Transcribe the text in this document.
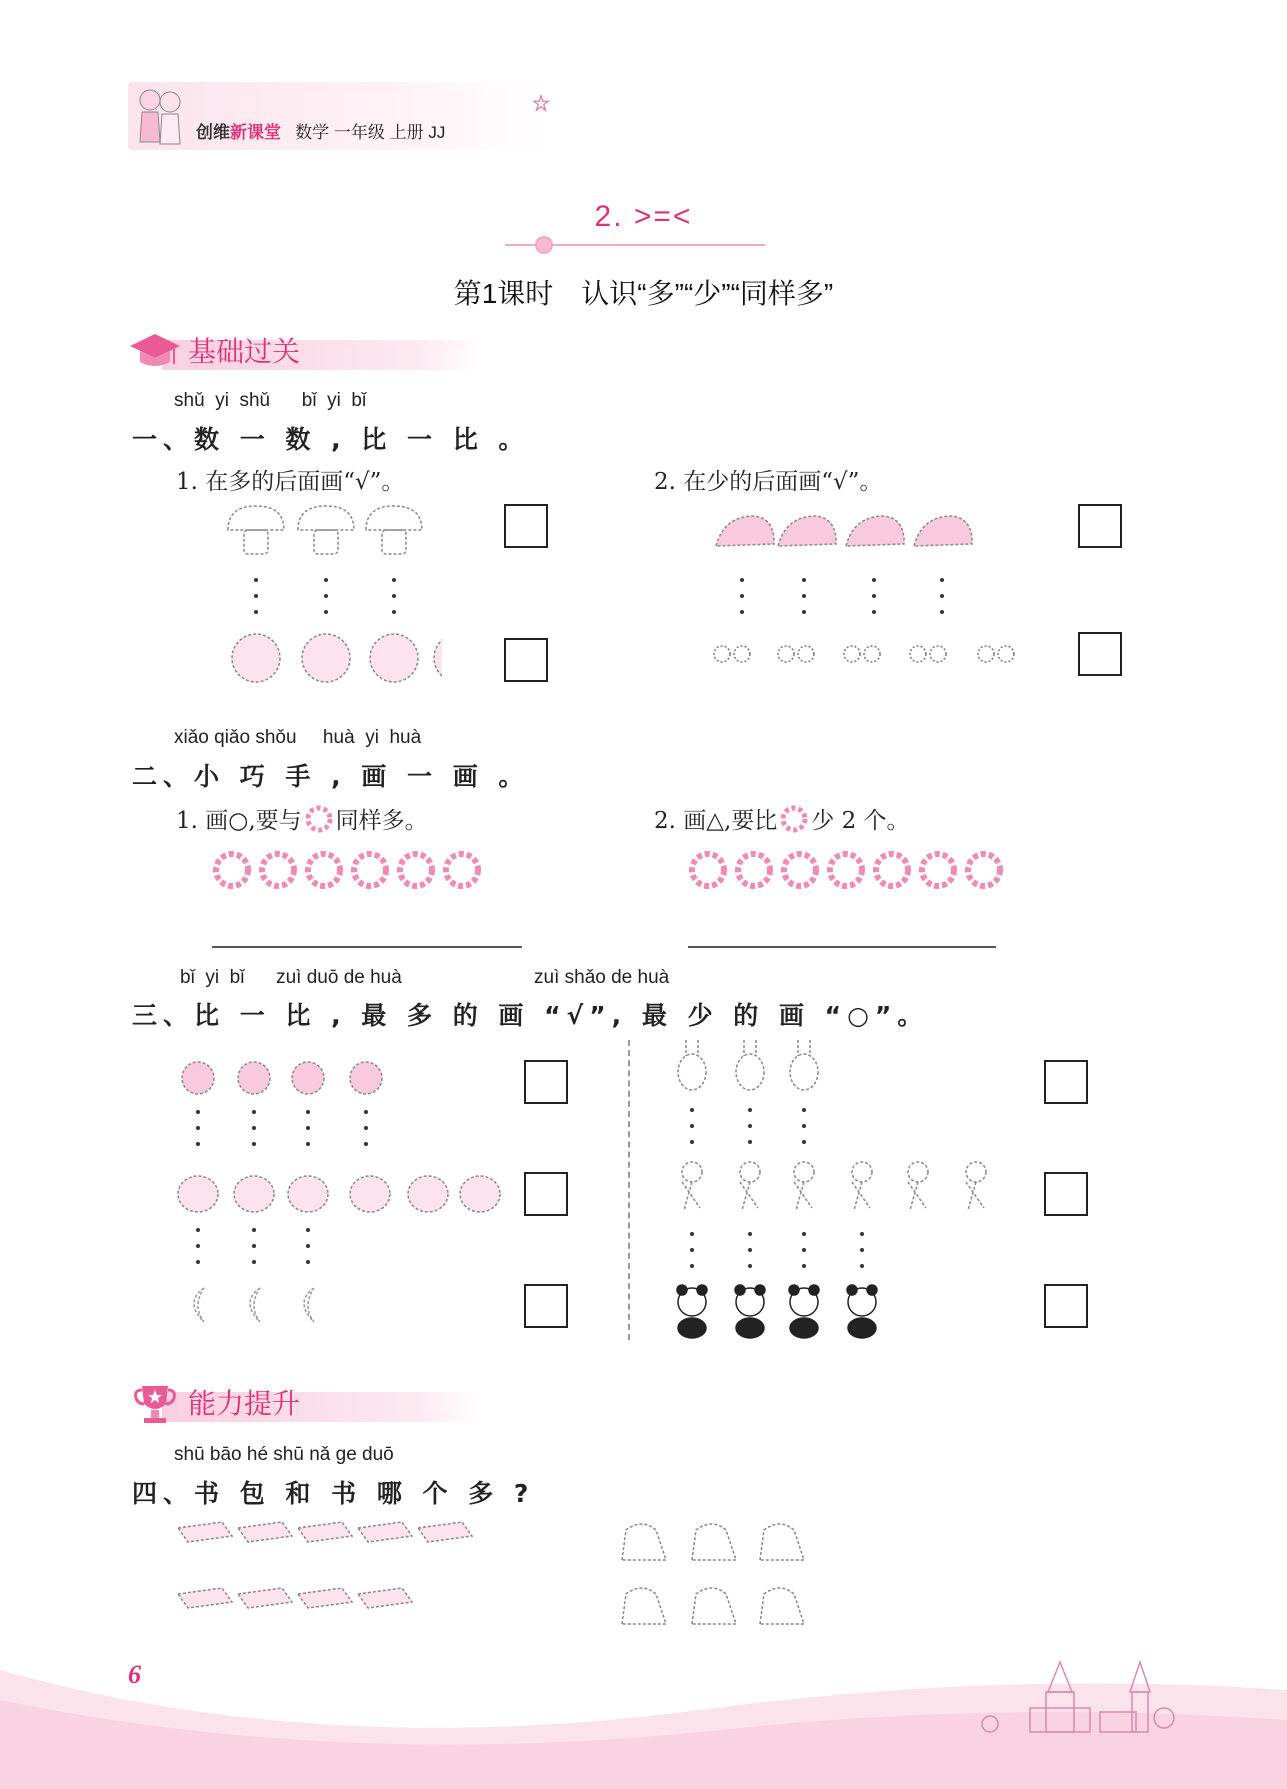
创维新课堂 数学 一年级 上册 JJ
2. >=<
第1课时　认识“多”“少”“同样多”
基础过关
shǔ  yi  shǔ      bǐ  yi  bǐ
一、数 一 数 , 比 一 比 。
1. 在多的后面画“√”。	2. 在少的后面画“√”。
xiǎo qiǎo shǒu     huà  yi  huà
二、小 巧 手 , 画 一 画 。
1. 画○,要与 同样多。	2. 画△,要比 少 2 个。
bǐ  yi  bǐ      zuì duō de huà	zuì shǎo de huà
三、比 一 比 , 最 多 的 画 “√”, 最 少 的 画 “○”。
能力提升
shū bāo hé shū nǎ ge duō
四、书 包 和 书 哪 个 多 ?
6
